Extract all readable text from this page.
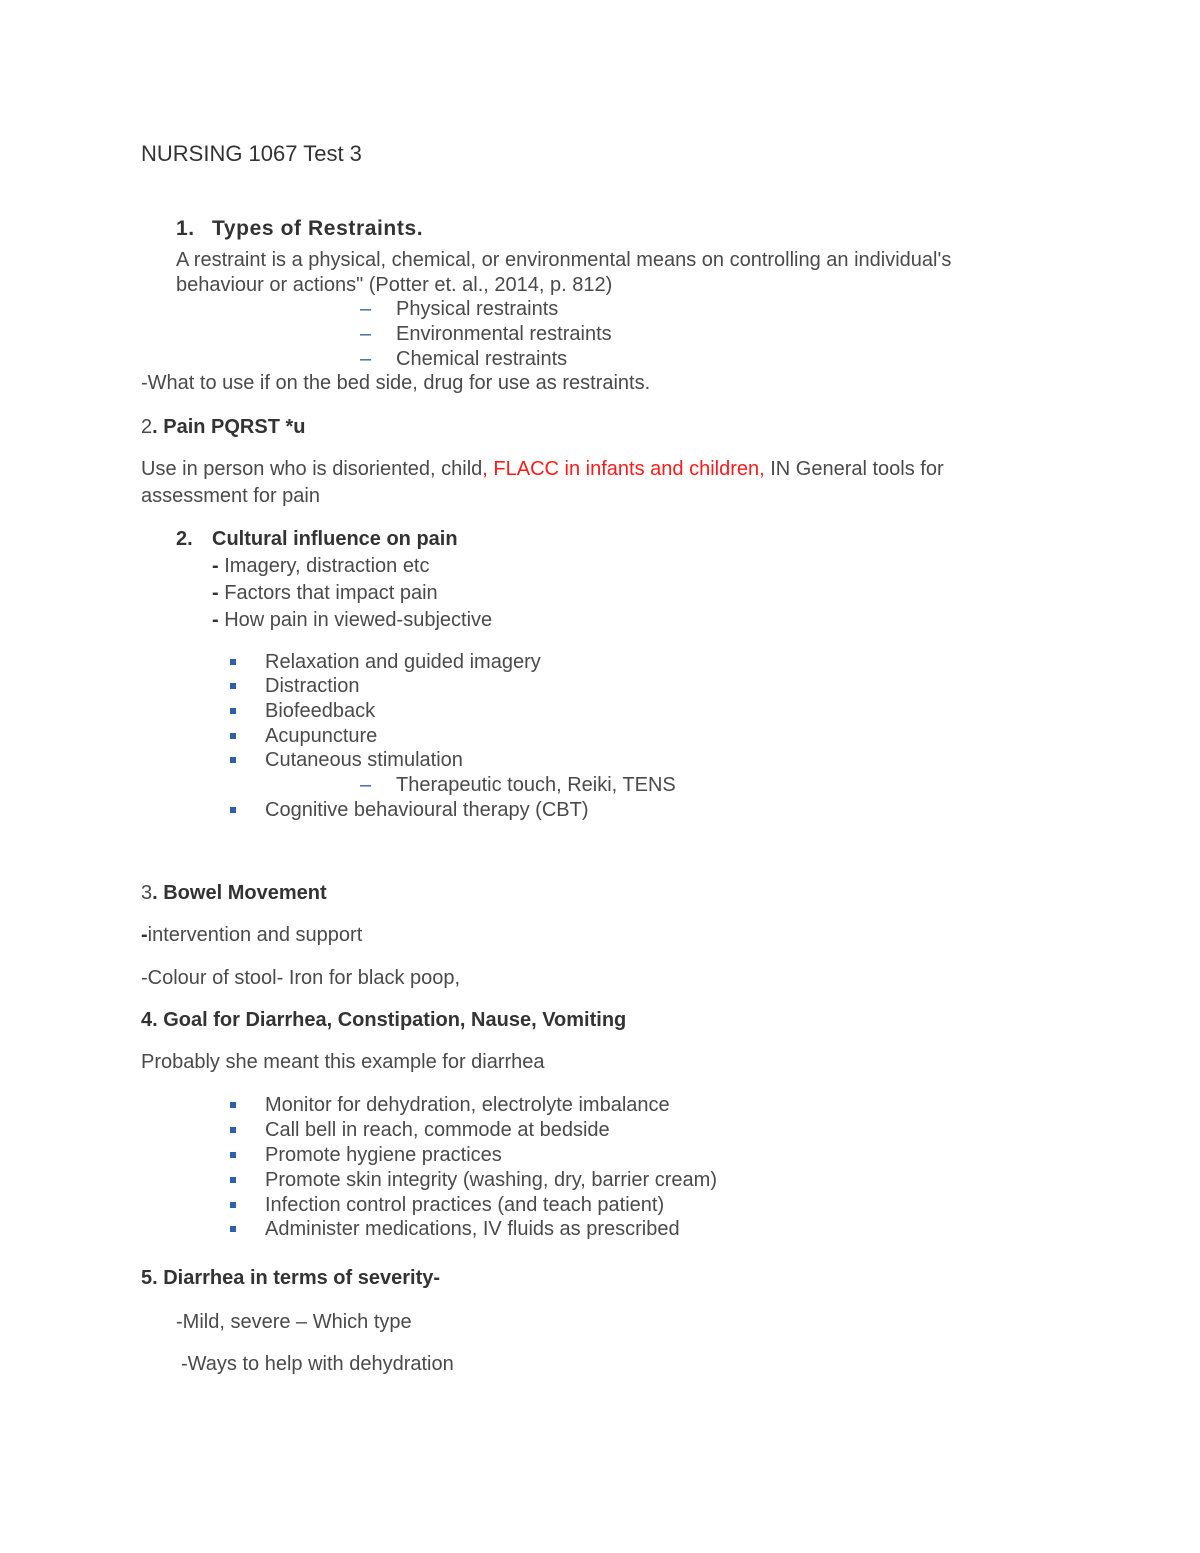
NURSING 1067 Test 3
1. Types of Restraints.
A restraint is a physical, chemical, or environmental means on controlling an individual's
behaviour or actions" (Potter et. al., 2014, p. 812)
– Physical restraints
– Environmental restraints
– Chemical restraints
-What to use if on the bed side, drug for use as restraints.
2. Pain PQRST *u
Use in person who is disoriented, child, FLACC in infants and children, IN General tools for
assessment for pain
2. Cultural influence on pain
- Imagery, distraction etc
- Factors that impact pain
- How pain in viewed-subjective
Relaxation and guided imagery
Distraction
Biofeedback
Acupuncture
Cutaneous stimulation
– Therapeutic touch, Reiki, TENS
Cognitive behavioural therapy (CBT)
3. Bowel Movement
-intervention and support
-Colour of stool- Iron for black poop,
4. Goal for Diarrhea, Constipation, Nause, Vomiting
Probably she meant this example for diarrhea
Monitor for dehydration, electrolyte imbalance
Call bell in reach, commode at bedside
Promote hygiene practices
Promote skin integrity (washing, dry, barrier cream)
Infection control practices (and teach patient)
Administer medications, IV fluids as prescribed
5. Diarrhea in terms of severity-
-Mild, severe – Which type
-Ways to help with dehydration
